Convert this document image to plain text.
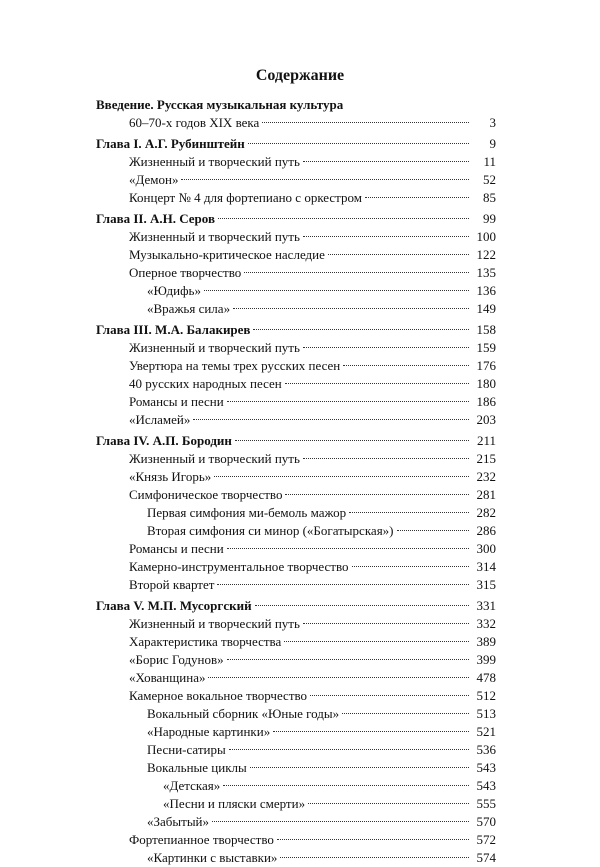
Содержание
Введение. Русская музыкальная культура
60–70-х годов XIX века	3
Глава I. А.Г. Рубинштейн	9
Жизненный и творческий путь	11
«Демон»	52
Концерт № 4 для фортепиано с оркестром	85
Глава II. А.Н. Серов	99
Жизненный и творческий путь	100
Музыкально-критическое наследие	122
Оперное творчество	135
«Юдифь»	136
«Вражья сила»	149
Глава III. М.А. Балакирев	158
Жизненный и творческий путь	159
Увертюра на темы трех русских песен	176
40 русских народных песен	180
Романсы и песни	186
«Исламей»	203
Глава IV. А.П. Бородин	211
Жизненный и творческий путь	215
«Князь Игорь»	232
Симфоническое творчество	281
Первая симфония ми-бемоль мажор	282
Вторая симфония си минор («Богатырская»)	286
Романсы и песни	300
Камерно-инструментальное творчество	314
Второй квартет	315
Глава V. М.П. Мусоргский	331
Жизненный и творческий путь	332
Характеристика творчества	389
«Борис Годунов»	399
«Хованщина»	478
Камерное вокальное творчество	512
Вокальный сборник «Юные годы»	513
«Народные картинки»	521
Песни-сатиры	536
Вокальные циклы	543
«Детская»	543
«Песни и пляски смерти»	555
«Забытый»	570
Фортепианное творчество	572
«Картинки с выставки»	574
